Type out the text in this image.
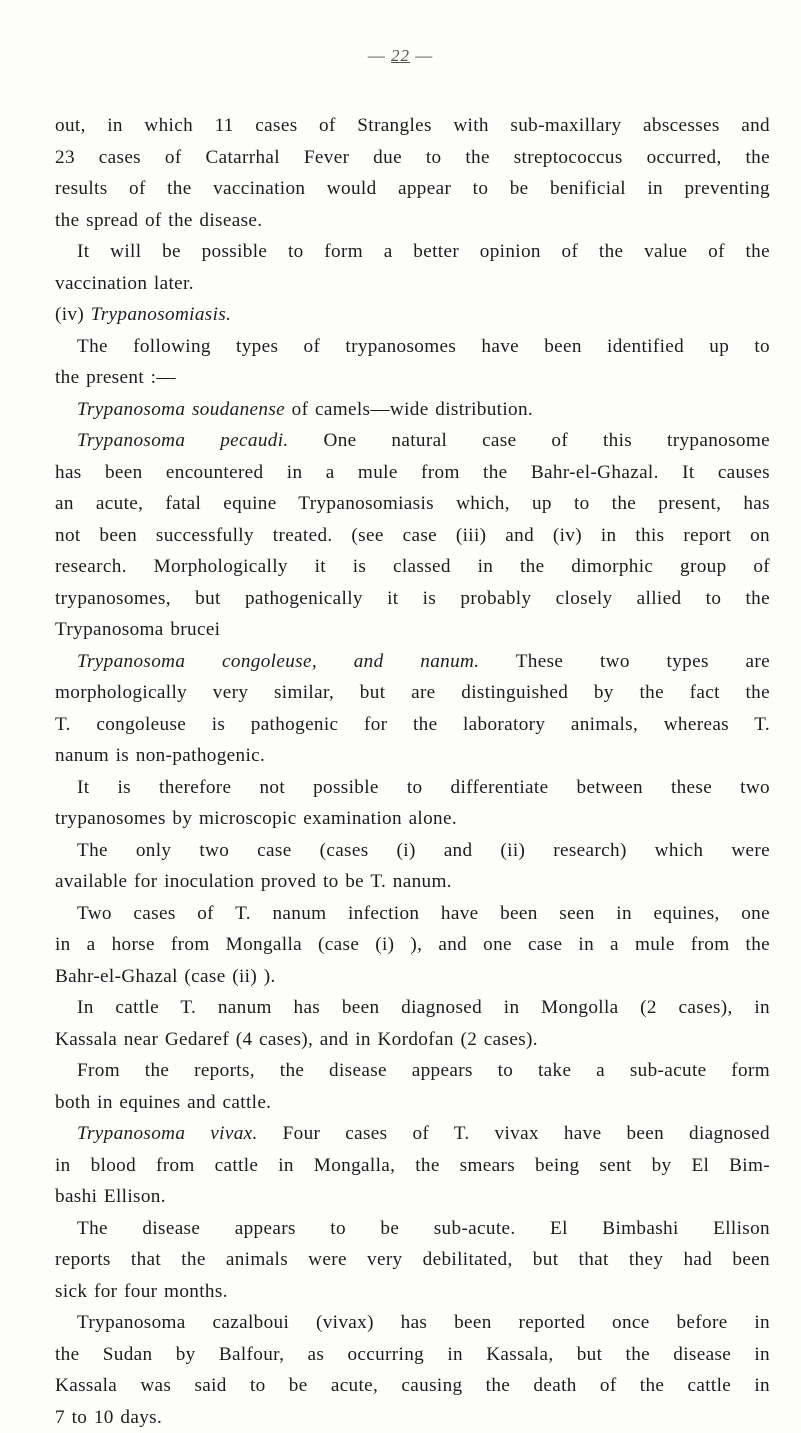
— 22 —
out, in which 11 cases of Strangles with sub-maxillary abscesses and
23 cases of Catarrhal Fever due to the streptococcus occurred, the
results of the vaccination would appear to be benificial in preventing
the spread of the disease.
It will be possible to form a better opinion of the value of the
vaccination later.
(iv) Trypanosomiasis.
The following types of trypanosomes have been identified up to
the present :—
Trypanosoma soudanense of camels—wide distribution.
Trypanosoma pecaudi. One natural case of this trypanosome
has been encountered in a mule from the Bahr-el-Ghazal. It causes
an acute, fatal equine Trypanosomiasis which, up to the present, has
not been successfully treated. (see case (iii) and (iv) in this report on
research. Morphologically it is classed in the dimorphic group of
trypanosomes, but pathogenically it is probably closely allied to the
Trypanosoma brucei
Trypanosoma congoleuse, and nanum. These two types are
morphologically very similar, but are distinguished by the fact the
T. congoleuse is pathogenic for the laboratory animals, whereas T.
nanum is non-pathogenic.
It is therefore not possible to differentiate between these two
trypanosomes by microscopic examination alone.
The only two case (cases (i) and (ii) research) which were
available for inoculation proved to be T. nanum.
Two cases of T. nanum infection have been seen in equines, one
in a horse from Mongalla (case (i) ), and one case in a mule from the
Bahr-el-Ghazal (case (ii) ).
In cattle T. nanum has been diagnosed in Mongolla (2 cases), in
Kassala near Gedaref (4 cases), and in Kordofan (2 cases).
From the reports, the disease appears to take a sub-acute form
both in equines and cattle.
Trypanosoma vivax. Four cases of T. vivax have been diagnosed
in blood from cattle in Mongalla, the smears being sent by El Bim-
bashi Ellison.
The disease appears to be sub-acute. El Bimbashi Ellison
reports that the animals were very debilitated, but that they had been
sick for four months.
Trypanosoma cazalboui (vivax) has been reported once before in
the Sudan by Balfour, as occurring in Kassala, but the disease in
Kassala was said to be acute, causing the death of the cattle in
7 to 10 days.
